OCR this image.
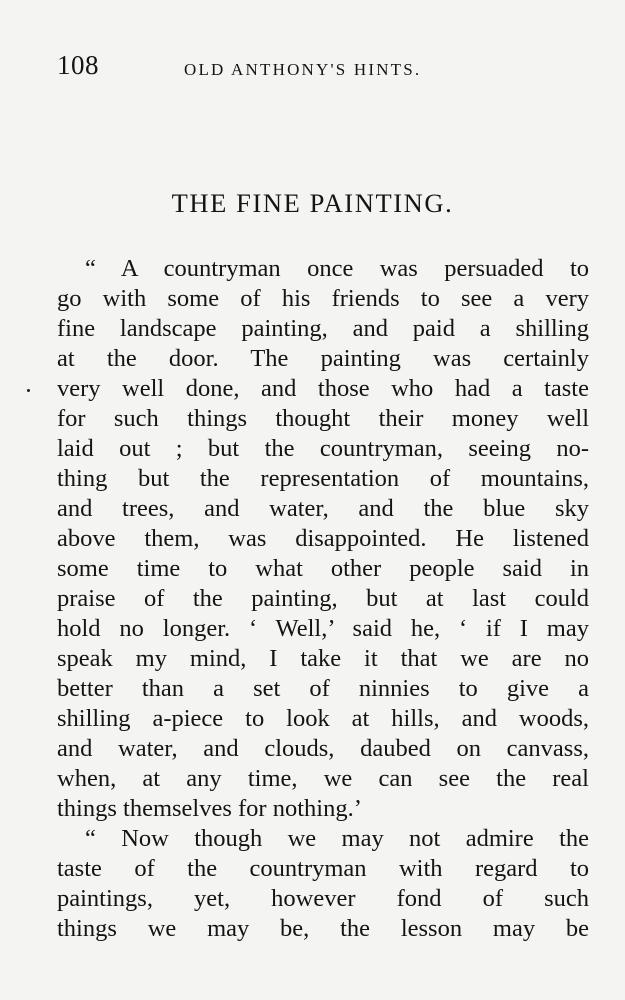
108	OLD ANTHONY'S HINTS.
THE FINE PAINTING.
“ A countryman once was persuaded to
go with some of his friends to see a very
fine landscape painting, and paid a shilling
at the door. The painting was certainly
very well done, and those who had a taste
for such things thought their money well
laid out ; but the countryman, seeing no-
thing but the representation of mountains,
and trees, and water, and the blue sky
above them, was disappointed. He listened
some time to what other people said in
praise of the painting, but at last could
hold no longer. ‘ Well,’ said he, ‘ if I may
speak my mind, I take it that we are no
better than a set of ninnies to give a
shilling a-piece to look at hills, and woods,
and water, and clouds, daubed on canvass,
when, at any time, we can see the real
things themselves for nothing.’
“ Now though we may not admire the
taste of the countryman with regard to
paintings, yet, however fond of such
things we may be, the lesson may be
